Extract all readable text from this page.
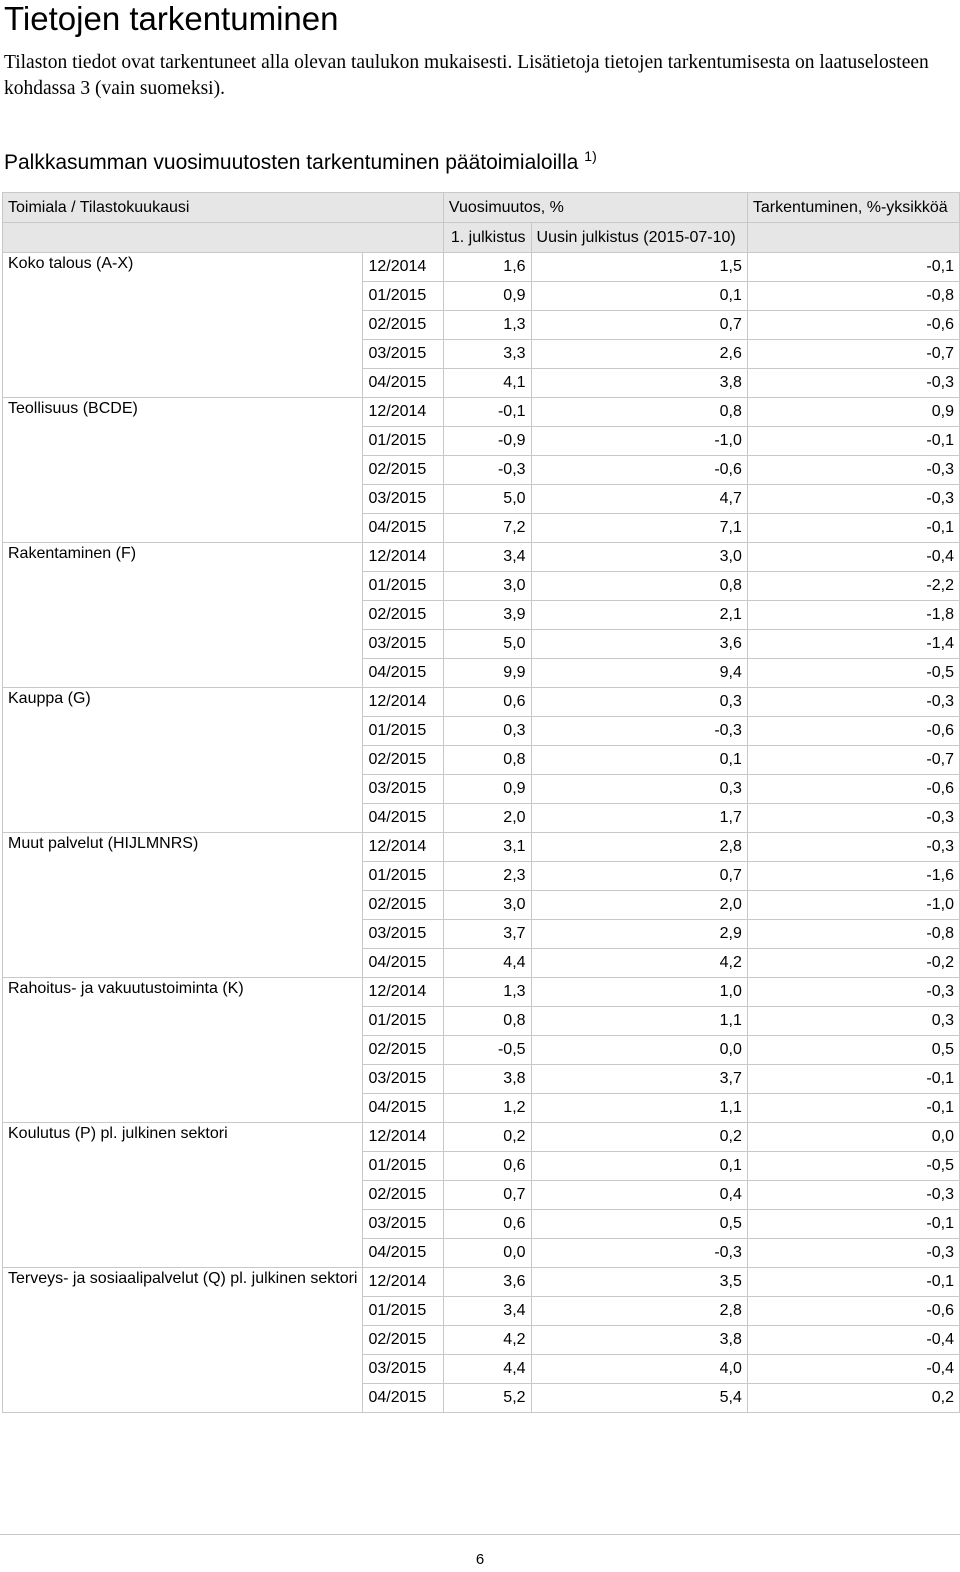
Tietojen tarkentuminen

Tilaston tiedot ovat tarkentuneet alla olevan taulukon mukaisesti. Lisätietoja tietojen tarkentumisesta on laatuselosteen kohdassa 3 (vain suomeksi).

Palkkasumman vuosimuutosten tarkentuminen päätoimialoilla $^{1)}$
Toimiala / Tilastokuukausi		Vuosimuutos, %		Tarkentuminen, %-yksikköä
		1. julkistus	Uusin julkistus (2015-07-10)	
Koko talous (A-X)	12/2014	1,6	1,5	-0,1
	01/2015	0,9	0,1	-0,8
	02/2015	1,3	0,7	-0,6
	03/2015	3,3	2,6	-0,7
	04/2015	4,1	3,8	-0,3
Teollisuus (BCDE)	12/2014	-0,1	0,8	0,9
	01/2015	-0,9	-1,0	-0,1
	02/2015	-0,3	-0,6	-0,3
	03/2015	5,0	4,7	-0,3
	04/2015	7,2	7,1	-0,1
Rakentaminen (F)	12/2014	3,4	3,0	-0,4
	01/2015	3,0	0,8	-2,2
	02/2015	3,9	2,1	-1,8
	03/2015	5,0	3,6	-1,4
	04/2015	9,9	9,4	-0,5
Kauppa (G)	12/2014	0,6	0,3	-0,3
	01/2015	0,3	-0,3	-0,6
	02/2015	0,8	0,1	-0,7
	03/2015	0,9	0,3	-0,6
	04/2015	2,0	1,7	-0,3
Muut palvelut (HIJLMNRS)	12/2014	3,1	2,8	-0,3
	01/2015	2,3	0,7	-1,6
	02/2015	3,0	2,0	-1,0
	03/2015	3,7	2,9	-0,8
	04/2015	4,4	4,2	-0,2
Rahoitus- ja vakuutustoiminta (K)	12/2014	1,3	1,0	-0,3
	01/2015	0,8	1,1	0,3
	02/2015	-0,5	0,0	0,5
	03/2015	3,8	3,7	-0,1
	04/2015	1,2	1,1	-0,1
Koulutus (P) pl. julkinen sektori	12/2014	0,2	0,2	0,0
	01/2015	0,6	0,1	-0,5
	02/2015	0,7	0,4	-0,3
	03/2015	0,6	0,5	-0,1
	04/2015	0,0	-0,3	-0,3
Terveys- ja sosiaalipalvelut (Q) pl. julkinen sektori	12/2014	3,6	3,5	-0,1
	01/2015	3,4	2,8	-0,6
	02/2015	4,2	3,8	-0,4
	03/2015	4,4	4,0	-0,4
	04/2015	5,2	5,4	0,2
6
